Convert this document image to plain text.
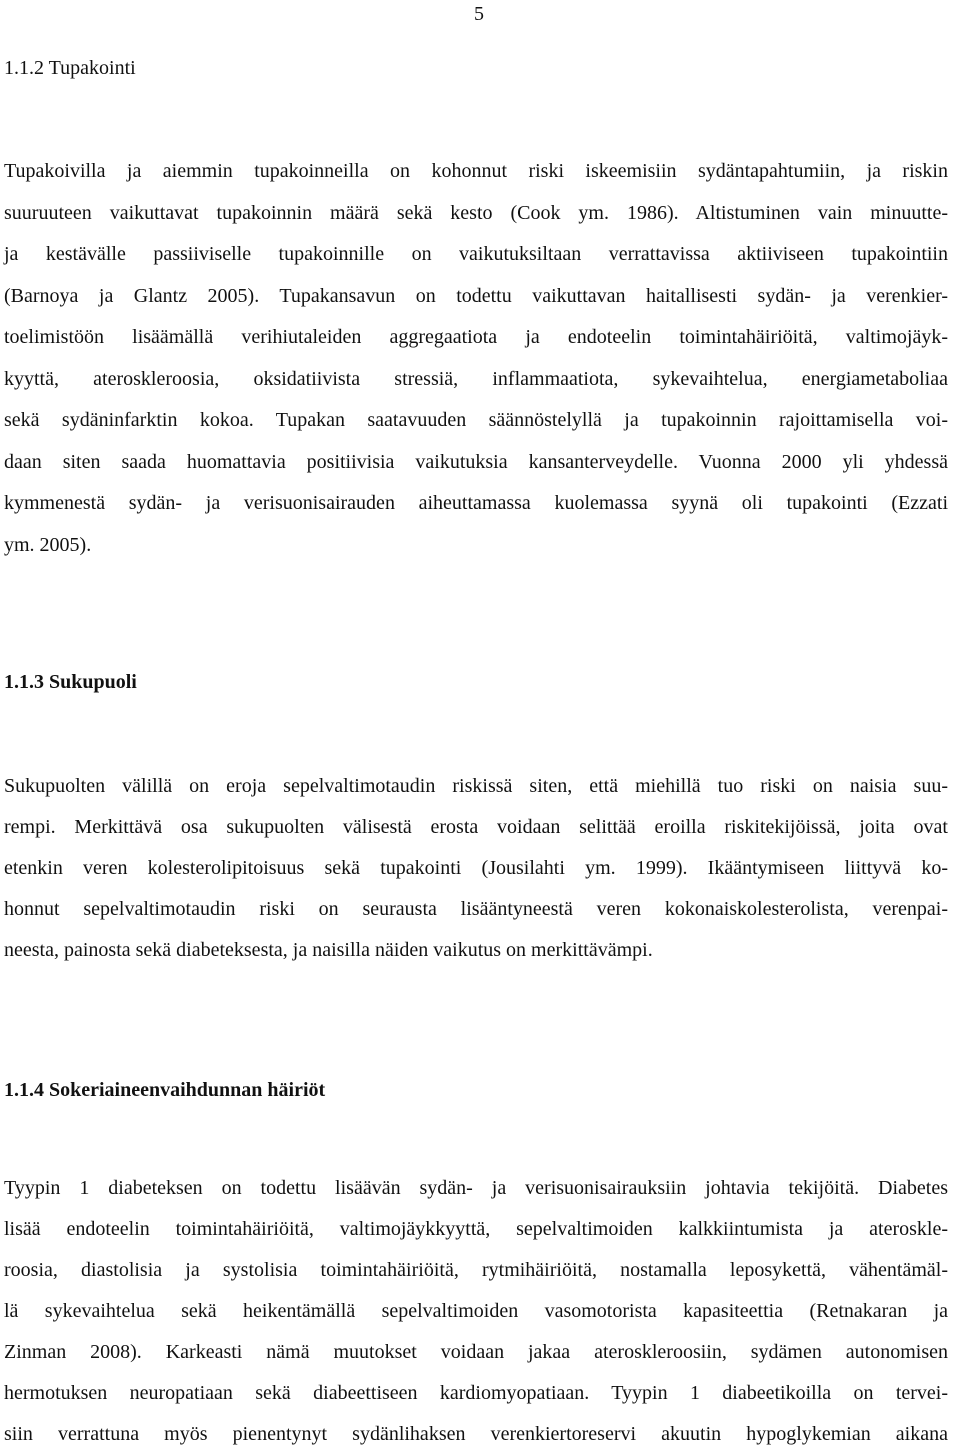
5
1.1.2 Tupakointi
Tupakoivilla ja aiemmin tupakoinneilla on kohonnut riski iskeemisiin sydäntapahtumiin, ja riskin
suuruuteen vaikuttavat tupakoinnin määrä sekä kesto (Cook ym. 1986). Altistuminen vain minuutte-
ja kestävälle passiiviselle tupakoinnille on vaikutuksiltaan verrattavissa aktiiviseen tupakointiin
(Barnoya ja Glantz 2005). Tupakansavun on todettu vaikuttavan haitallisesti sydän- ja verenkier-
toelimistöön lisäämällä verihiutaleiden aggregaatiota ja endoteelin toimintahäiriöitä, valtimojäyk-
kyyttä, ateroskleroosia, oksidatiivista stressiä, inflammaatiota, sykevaihtelua, energiametaboliaa
sekä sydäninfarktin kokoa. Tupakan saatavuuden säännöstelyllä ja tupakoinnin rajoittamisella voi-
daan siten saada huomattavia positiivisia vaikutuksia kansanterveydelle. Vuonna 2000 yli yhdessä
kymmenestä sydän- ja verisuonisairauden aiheuttamassa kuolemassa syynä oli tupakointi (Ezzati
ym. 2005).
1.1.3 Sukupuoli
Sukupuolten välillä on eroja sepelvaltimotaudin riskissä siten, että miehillä tuo riski on naisia suu-
rempi. Merkittävä osa sukupuolten välisestä erosta voidaan selittää eroilla riskitekijöissä, joita ovat
etenkin veren kolesterolipitoisuus sekä tupakointi (Jousilahti ym. 1999). Ikääntymiseen liittyvä ko-
honnut sepelvaltimotaudin riski on seurausta lisääntyneestä veren kokonaiskolesterolista, verenpai-
neesta, painosta sekä diabeteksesta, ja naisilla näiden vaikutus on merkittävämpi.
1.1.4 Sokeriaineenvaihdunnan häiriöt
Tyypin 1 diabeteksen on todettu lisäävän sydän- ja verisuonisairauksiin johtavia tekijöitä. Diabetes
lisää endoteelin toimintahäiriöitä, valtimojäykkyyttä, sepelvaltimoiden kalkkiintumista ja ateroskle-
roosia, diastolisia ja systolisia toimintahäiriöitä, rytmihäiriöitä, nostamalla leposykettä, vähentämäl-
lä sykevaihtelua sekä heikentämällä sepelvaltimoiden vasomotorista kapasiteettia (Retnakaran ja
Zinman 2008). Karkeasti nämä muutokset voidaan jakaa ateroskleroosiin, sydämen autonomisen
hermotuksen neuropatiaan sekä diabeettiseen kardiomyopatiaan. Tyypin 1 diabeetikoilla on tervei-
siin verrattuna myös pienentynyt sydänlihaksen verenkiertoreservi akuutin hypoglykemian aikana
